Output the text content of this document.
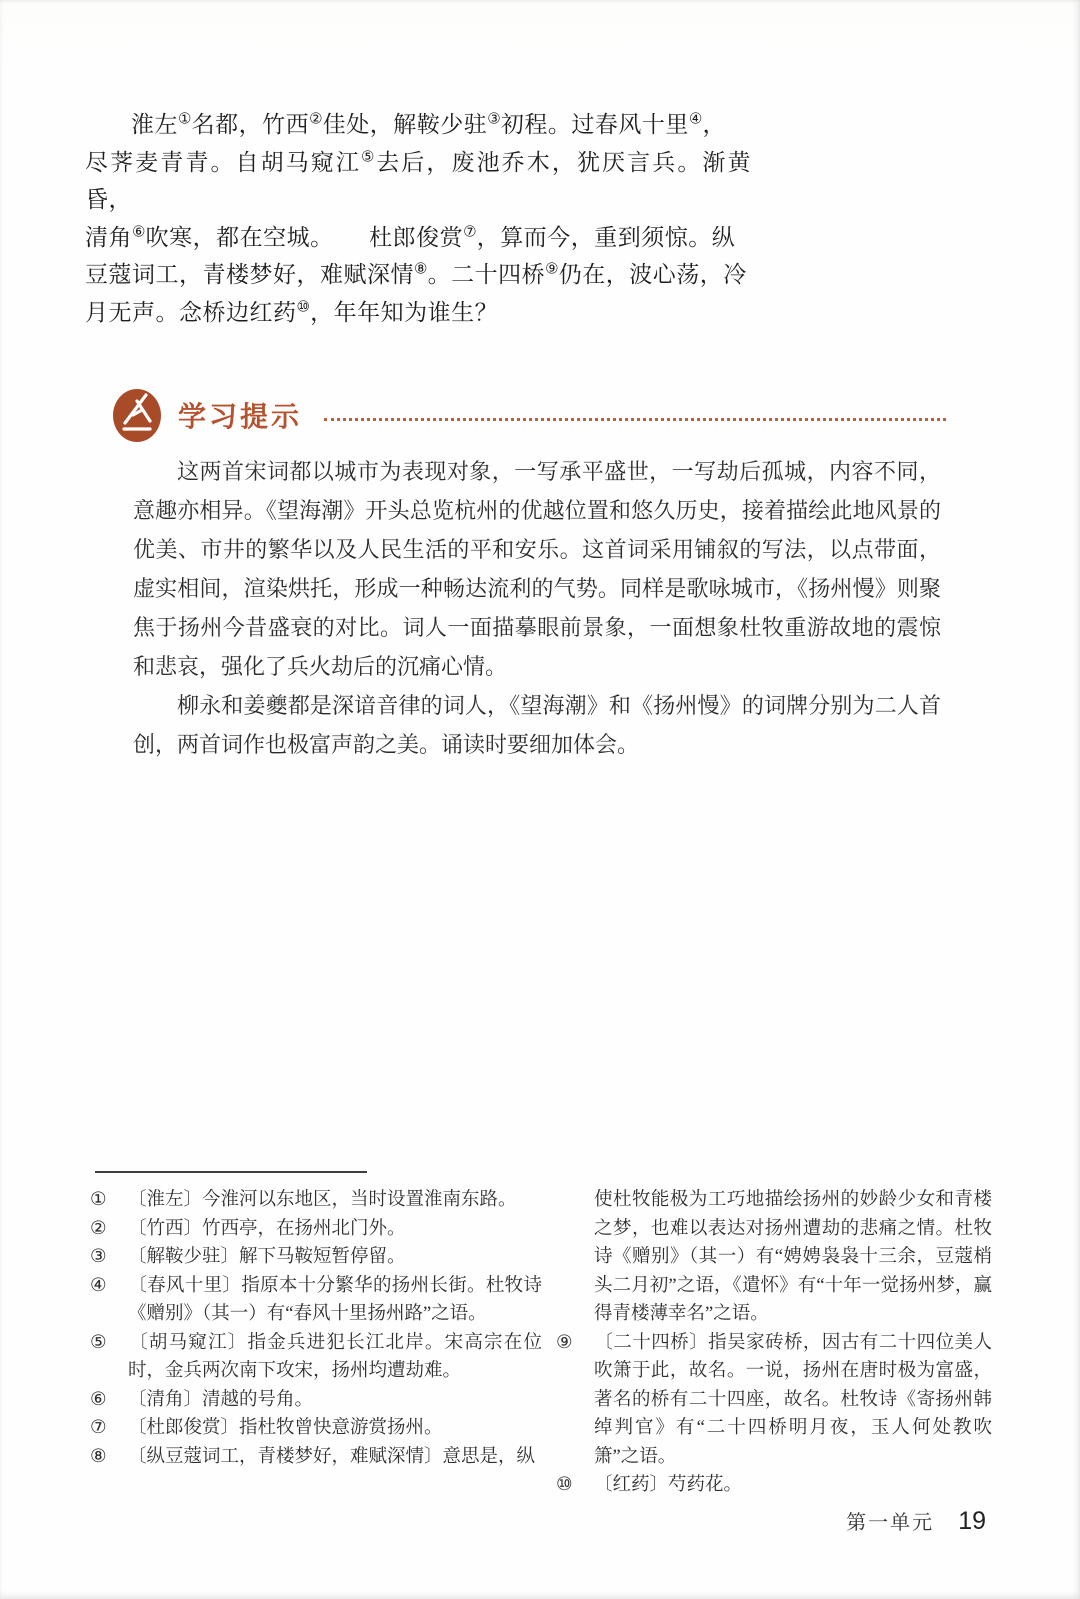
淮左①名都，竹西②佳处，解鞍少驻③初程。过春风十里④，
尽荠麦青青。自胡马窥江⑤去后，废池乔木，犹厌言兵。渐黄昏，
清角⑥吹寒，都在空城。　　杜郎俊赏⑦，算而今，重到须惊。纵
豆蔻词工，青楼梦好，难赋深情⑧。二十四桥⑨仍在，波心荡，冷
月无声。念桥边红药⑩，年年知为谁生？
学习提示

这两首宋词都以城市为表现对象，一写承平盛世，一写劫后孤城，内容不同，意趣亦相异。《望海潮》开头总览杭州的优越位置和悠久历史，接着描绘此地风景的优美、市井的繁华以及人民生活的平和安乐。这首词采用铺叙的写法，以点带面，虚实相间，渲染烘托，形成一种畅达流利的气势。同样是歌咏城市，《扬州慢》则聚焦于扬州今昔盛衰的对比。词人一面描摹眼前景象，一面想象杜牧重游故地的震惊和悲哀，强化了兵火劫后的沉痛心情。

柳永和姜夔都是深谙音律的词人，《望海潮》和《扬州慢》的词牌分别为二人首创，两首词作也极富声韵之美。诵读时要细加体会。

① 〔淮左〕今淮河以东地区，当时设置淮南东路。
② 〔竹西〕竹西亭，在扬州北门外。
③ 〔解鞍少驻〕解下马鞍短暂停留。
④ 〔春风十里〕指原本十分繁华的扬州长街。杜牧诗《赠别》（其一）有“春风十里扬州路”之语。
⑤ 〔胡马窥江〕指金兵进犯长江北岸。宋高宗在位时，金兵两次南下攻宋，扬州均遭劫难。
⑥ 〔清角〕清越的号角。
⑦ 〔杜郎俊赏〕指杜牧曾快意游赏扬州。
⑧ 〔纵豆蔻词工，青楼梦好，难赋深情〕意思是，纵
使杜牧能极为工巧地描绘扬州的妙龄少女和青楼之梦，也难以表达对扬州遭劫的悲痛之情。杜牧诗《赠别》（其一）有“娉娉袅袅十三余，豆蔻梢头二月初”之语，《遣怀》有“十年一觉扬州梦，赢得青楼薄幸名”之语。
⑨ 〔二十四桥〕指吴家砖桥，因古有二十四位美人吹箫于此，故名。一说，扬州在唐时极为富盛，著名的桥有二十四座，故名。杜牧诗《寄扬州韩绰判官》有“二十四桥明月夜，玉人何处教吹箫”之语。
⑩ 〔红药〕芍药花。
第一单元 19
